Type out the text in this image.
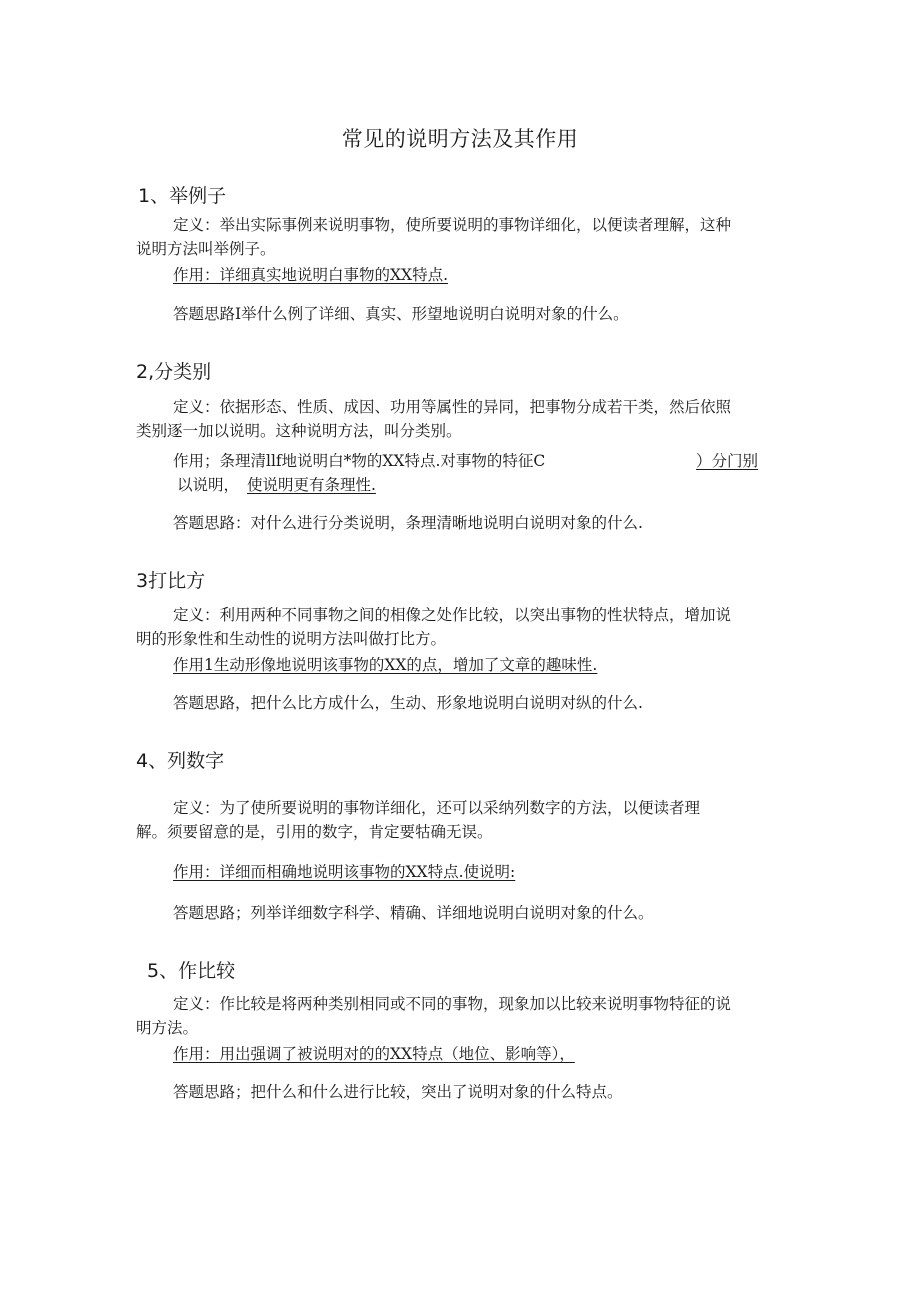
常见的说明方法及其作用
1、举例子
定义：举出实际事例来说明事物，使所要说明的事物详细化，以便读者理解，这种
说明方法叫举例子。
作用：详细真实地说明白事物的XX特点.
答题思路I举什么例了详细、真实、形望地说明白说明对象的什么。
2,分类别
定义：依据形态、性质、成因、功用等属性的异同，把事物分成若干类，然后依照
类别逐一加以说明。这种说明方法，叫分类别。
作用；条理清llf地说明白*物的XX特点.对事物的特征C	）分门别
以说明， 使说明更有条理性.
答题思路：对什么进行分类说明，条理清晰地说明白说明对象的什么.
3打比方
定义：利用两种不同事物之间的相像之处作比较，以突出事物的性状特点，增加说
明的形象性和生动性的说明方法叫做打比方。
作用1生动形像地说明该事物的XX的点，增加了文章的趣味性.
答题思路，把什么比方成什么，生动、形象地说明白说明对纵的什么.
4、列数字
定义：为了使所要说明的事物详细化，还可以采纳列数字的方法，以便读者理
解。须要留意的是，引用的数字，肯定要牯确无误。
作用：详细而相确地说明该事物的XX特点.使说明:
答题思路；列举详细数字科学、精确、详细地说明白说明对象的什么。
5、作比较
定义：作比较是将两种类别相同或不同的事物，现象加以比较来说明事物特征的说
明方法。
作用：用岀强调了被说明对的的XX特点（地位、影响等），
答题思路；把什么和什么进行比较，突出了说明对象的什么特点。
